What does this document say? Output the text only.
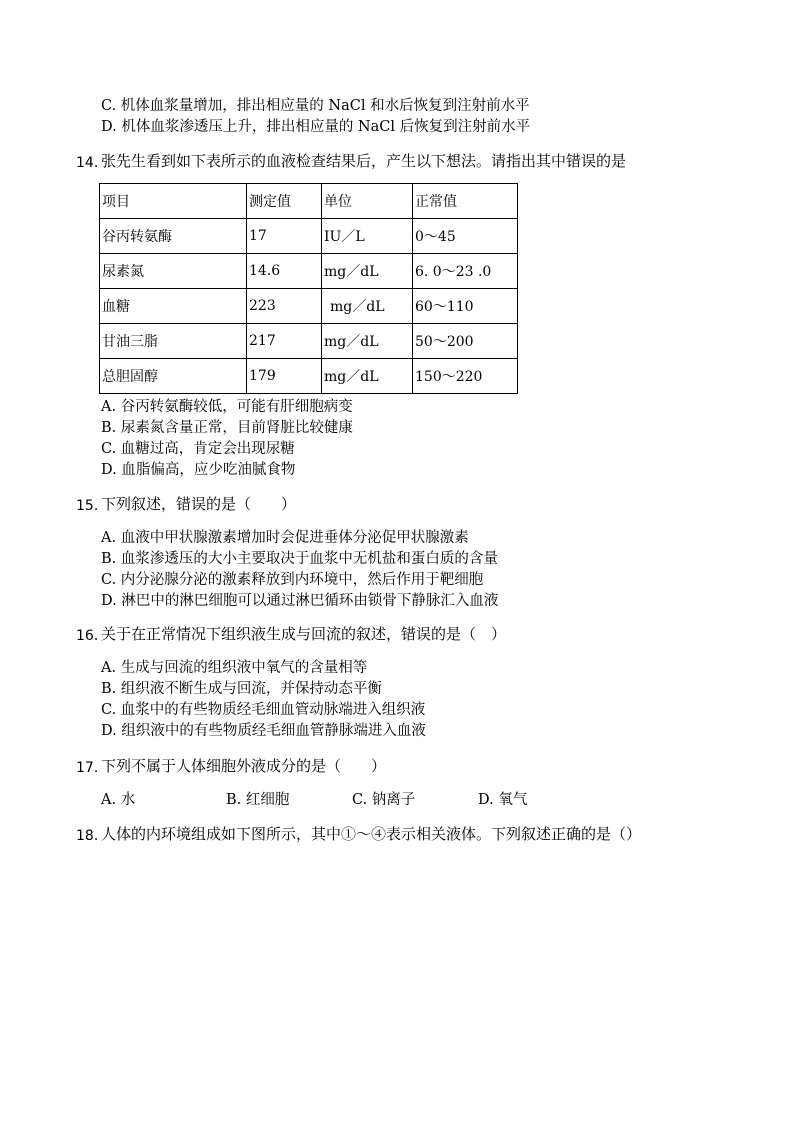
C. 机体血浆量增加，排出相应量的 NaCl 和水后恢复到注射前水平
D. 机体血浆渗透压上升，排出相应量的 NaCl 后恢复到注射前水平
14. 张先生看到如下表所示的血液检查结果后，产生以下想法。请指出其中错误的是
项目	测定值	单位	正常值
谷丙转氨酶	17	IU／L	0～45
尿素氮	14.6	mg／dL	6. 0～23 .0
血糖	223	mg／dL	60～110
甘油三脂	217	mg／dL	50～200
总胆固醇	179	mg／dL	150～220
A. 谷丙转氨酶较低，可能有肝细胞病变
B. 尿素氮含量正常，目前肾脏比较健康
C. 血糖过高，肯定会出现尿糖
D. 血脂偏高，应少吃油腻食物
15. 下列叙述，错误的是（　　）
A. 血液中甲状腺激素增加时会促进垂体分泌促甲状腺激素
B. 血浆渗透压的大小主要取决于血浆中无机盐和蛋白质的含量
C. 内分泌腺分泌的激素释放到内环境中，然后作用于靶细胞
D. 淋巴中的淋巴细胞可以通过淋巴循环由锁骨下静脉汇入血液
16. 关于在正常情况下组织液生成与回流的叙述，错误的是（　）
A. 生成与回流的组织液中氧气的含量相等
B. 组织液不断生成与回流，并保持动态平衡
C. 血浆中的有些物质经毛细血管动脉端进入组织液
D. 组织液中的有些物质经毛细血管静脉端进入血液
17. 下列不属于人体细胞外液成分的是（　　）
A. 水	B. 红细胞	C. 钠离子	D. 氧气
18. 人体的内环境组成如下图所示，其中①～④表示相关液体。下列叙述正确的是（）
